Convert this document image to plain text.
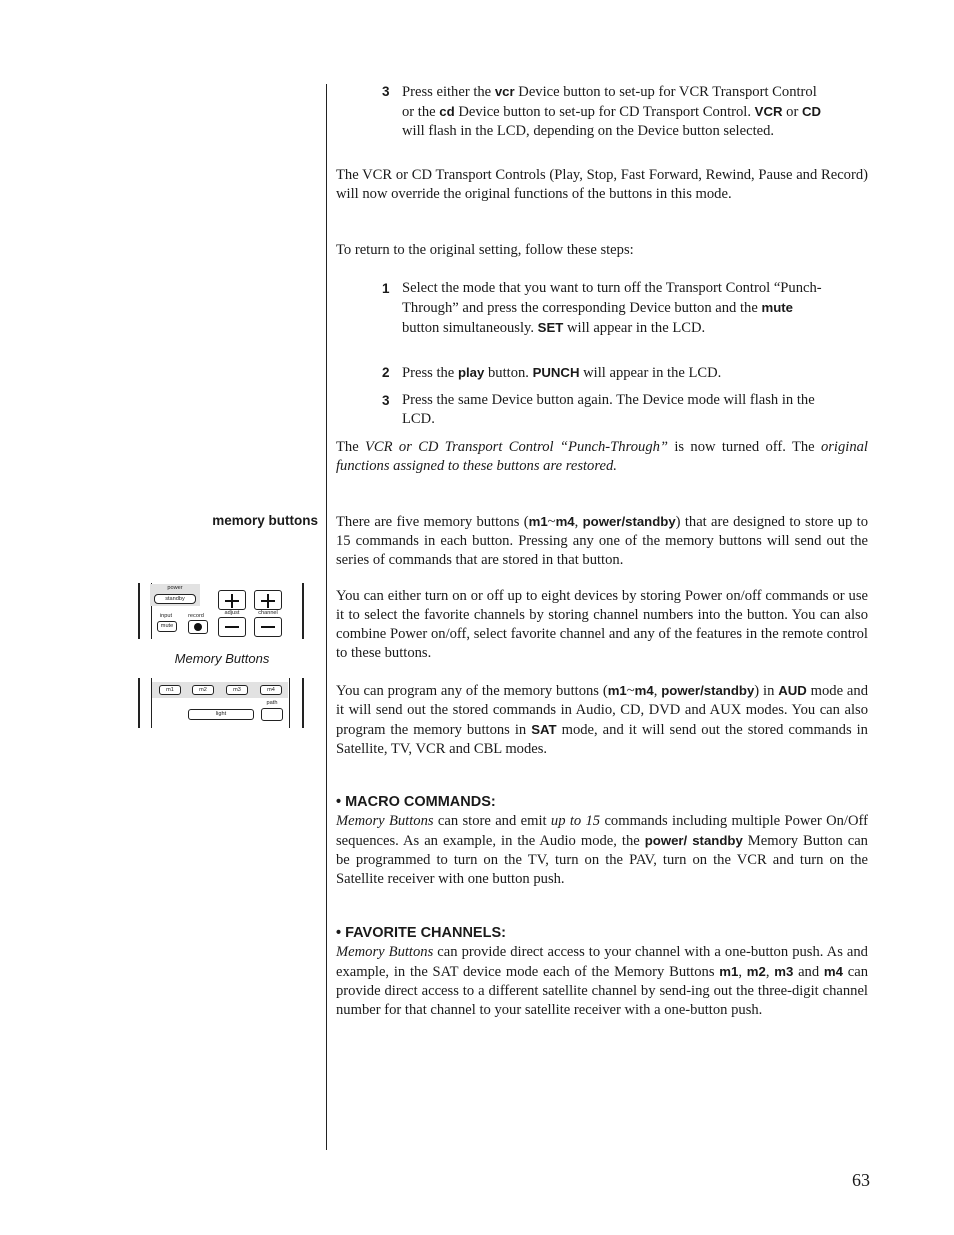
3 Press either the vcr Device button to set-up for VCR Transport Control or the cd Device button to set-up for CD Transport Control. VCR or CD will flash in the LCD, depending on the Device button selected.

The VCR or CD Transport Controls (Play, Stop, Fast Forward, Rewind, Pause and Record) will now override the original functions of the buttons in this mode.

To return to the original setting, follow these steps:

1 Select the mode that you want to turn off the Transport Control “Punch-Through” and press the corresponding Device button and the mute button simultaneously. SET will appear in the LCD.
2 Press the play button. PUNCH will appear in the LCD.
3 Press the same Device button again. The Device mode will flash in the LCD.

The VCR or CD Transport Control “Punch-Through” is now turned off. The original functions assigned to these buttons are restored.

memory buttons There are five memory buttons (m1~m4, power/standby) that are designed to store up to 15 commands in each button. Pressing any one of the memory buttons will send out the series of commands that are stored in that button.

You can either turn on or off up to eight devices by storing Power on/off commands or use it to select the favorite channels by storing channel numbers into the button. You can also combine Power on/off, select favorite channel and any of the features in the remote control to these buttons.

You can program any of the memory buttons (m1~m4, power/standby) in AUD mode and it will send out the stored commands in Audio, CD, DVD and AUX modes. You can also program the memory buttons in SAT mode, and it will send out the stored commands in Satellite, TV, VCR and CBL modes.

• MACRO COMMANDS:

Memory Buttons can store and emit up to 15 commands including multiple Power On/Off sequences. As an example, in the Audio mode, the power/ standby Memory Button can be programmed to turn on the TV, turn on the PAV, turn on the VCR and turn on the Satellite receiver with one button push.

• FAVORITE CHANNELS:

Memory Buttons can provide direct access to your channel with a one-button push. As and example, in the SAT device mode each of the Memory Buttons m1, m2, m3 and m4 can provide direct access to a different satellite channel by send-ing out the three-digit channel number for that channel to your satellite receiver with a one-button push.

power
standby
input
mute
record	adjust	channel
Memory Buttons
m1	m2	m3	m4
path
light
63
